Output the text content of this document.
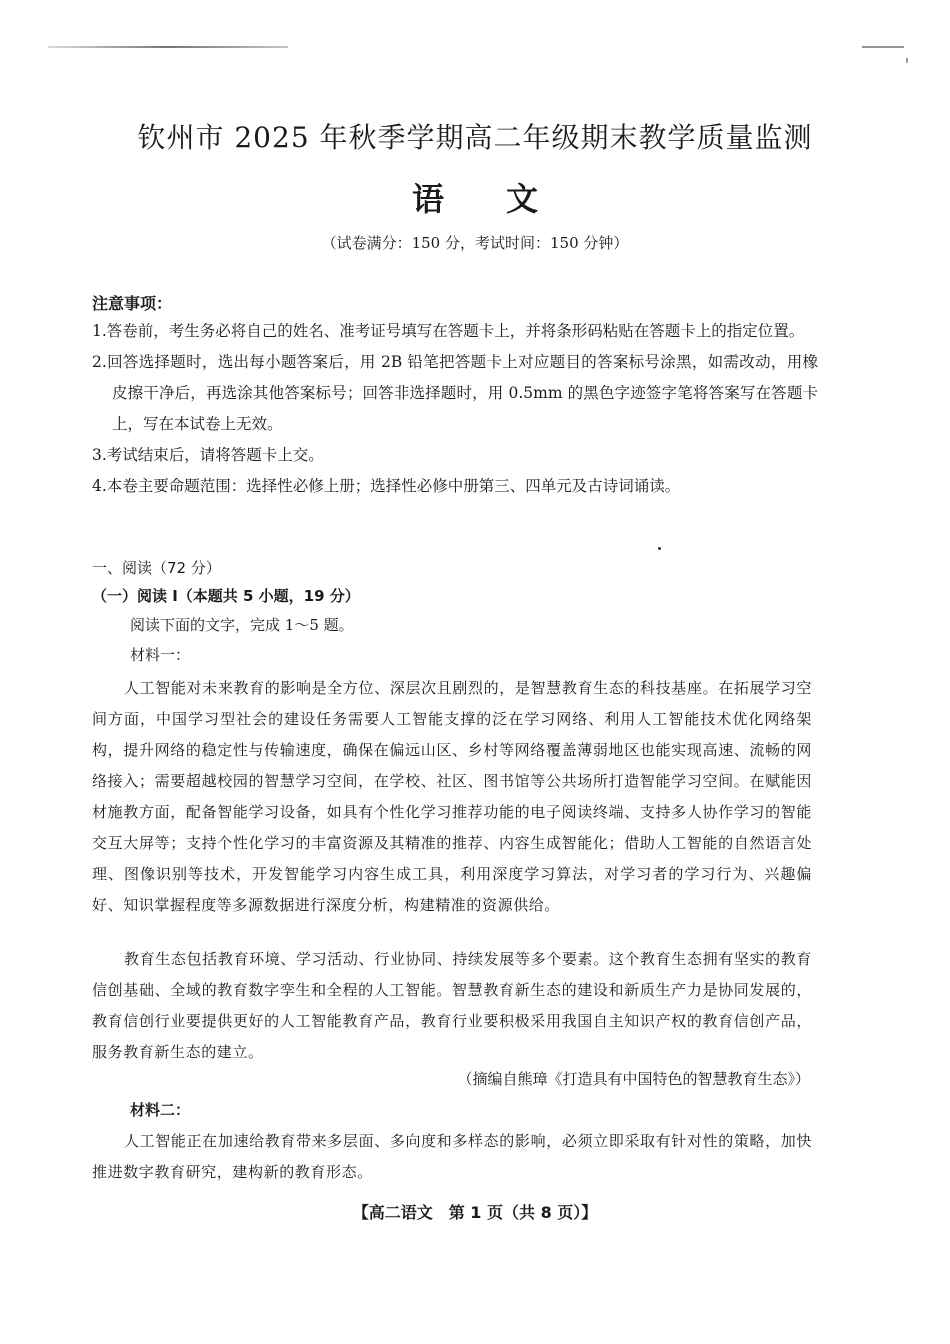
钦州市 2025 年秋季学期高二年级期末教学质量监测
语 文
（试卷满分：150 分，考试时间：150 分钟）
注意事项：
1.答卷前，考生务必将自己的姓名、准考证号填写在答题卡上，并将条形码粘贴在答题卡上的指定位置。
2.回答选择题时，选出每小题答案后，用 2B 铅笔把答题卡上对应题目的答案标号涂黑，如需改动，用橡皮擦干净后，再选涂其他答案标号；回答非选择题时，用 0.5mm 的黑色字迹签字笔将答案写在答题卡上，写在本试卷上无效。
3.考试结束后，请将答题卡上交。
4.本卷主要命题范围：选择性必修上册；选择性必修中册第三、四单元及古诗词诵读。
一、阅读（72 分）
（一）阅读 Ⅰ（本题共 5 小题，19 分）
阅读下面的文字，完成 1～5 题。
材料一：
人工智能对未来教育的影响是全方位、深层次且剧烈的，是智慧教育生态的科技基座。在拓展学习空间方面，中国学习型社会的建设任务需要人工智能支撑的泛在学习网络、利用人工智能技术优化网络架构，提升网络的稳定性与传输速度，确保在偏远山区、乡村等网络覆盖薄弱地区也能实现高速、流畅的网络接入；需要超越校园的智慧学习空间，在学校、社区、图书馆等公共场所打造智能学习空间。在赋能因材施教方面，配备智能学习设备，如具有个性化学习推荐功能的电子阅读终端、支持多人协作学习的智能交互大屏等；支持个性化学习的丰富资源及其精准的推荐、内容生成智能化；借助人工智能的自然语言处理、图像识别等技术，开发智能学习内容生成工具，利用深度学习算法，对学习者的学习行为、兴趣偏好、知识掌握程度等多源数据进行深度分析，构建精准的资源供给。
教育生态包括教育环境、学习活动、行业协同、持续发展等多个要素。这个教育生态拥有坚实的教育信创基础、全域的教育数字孪生和全程的人工智能。智慧教育新生态的建设和新质生产力是协同发展的，教育信创行业要提供更好的人工智能教育产品，教育行业要积极采用我国自主知识产权的教育信创产品，服务教育新生态的建立。
（摘编自熊璋《打造具有中国特色的智慧教育生态》）
材料二：
人工智能正在加速给教育带来多层面、多向度和多样态的影响，必须立即采取有针对性的策略，加快推进数字教育研究，建构新的教育形态。
【高二语文　第 1 页（共 8 页）】
